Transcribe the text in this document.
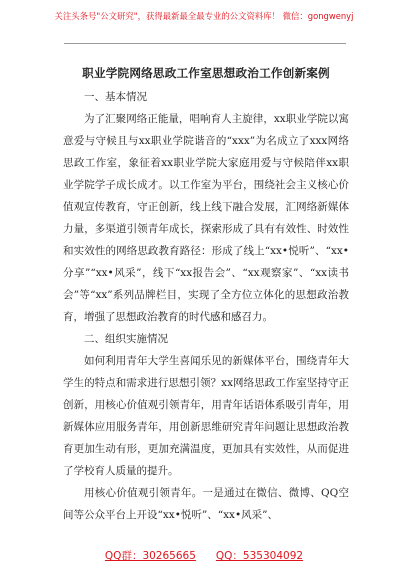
关注头条号"公文研究"，获得最新最全最专业的公文资料库！ 微信：gongwenyj

职业学院网络思政工作室思想政治工作创新案例

一、基本情况

为了汇聚网络正能量，唱响育人主旋律，xx职业学院以寓意爱与守候且与xx职业学院谐音的“xxx”为名成立了xxx网络思政工作室，象征着xx职业学院大家庭用爱与守候陪伴xx职业学院学子成长成才。以工作室为平台，围绕社会主义核心价值观宣传教育，守正创新，线上线下融合发展，汇网络新媒体力量，多渠道引领青年成长，探索形成了具有有效性、时效性和实效性的网络思政教育路径：形成了线上“xx•悦听”、“xx•分享”“xx•风采”，线下“xx报告会”、“xx观察家”、“xx读书会”等“xx”系列品牌栏目，实现了全方位立体化的思想政治教育，增强了思想政治教育的时代感和感召力。

二、组织实施情况

如何利用青年大学生喜闻乐见的新媒体平台，围绕青年大学生的特点和需求进行思想引领？xx网络思政工作室坚持守正创新，用核心价值观引领青年，用青年话语体系吸引青年，用新媒体应用服务青年，用创新思维研究青年问题让思想政治教育更加生动有形，更加充满温度，更加具有实效性，从而促进了学校育人质量的提升。

用核心价值观引领青年。一是通过在微信、微博、QQ空间等公众平台上开设“xx•悦听”、“xx•风采”、

QQ群：30265665 QQ：535304092
